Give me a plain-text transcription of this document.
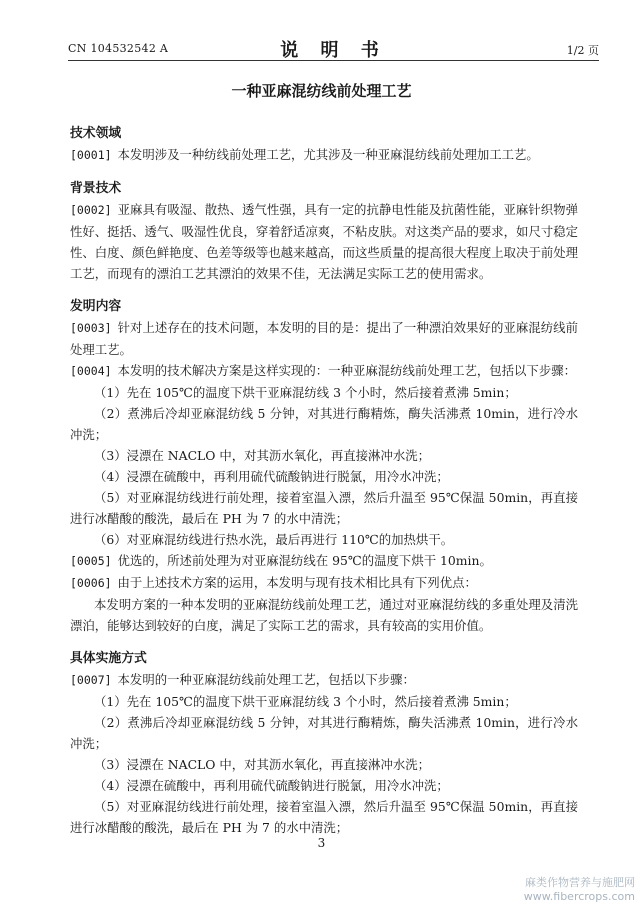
CN 104532542 A	说 明 书	1/2 页
一种亚麻混纺线前处理工艺
技术领域
[0001] 本发明涉及一种纺线前处理工艺，尤其涉及一种亚麻混纺线前处理加工工艺。
背景技术
[0002] 亚麻具有吸湿、散热、透气性强，具有一定的抗静电性能及抗菌性能，亚麻针织物弹性好、挺括、透气、吸湿性优良，穿着舒适凉爽，不粘皮肤。对这类产品的要求，如尺寸稳定性、白度、颜色鲜艳度、色差等级等也越来越高，而这些质量的提高很大程度上取决于前处理工艺，而现有的漂泊工艺其漂泊的效果不佳，无法满足实际工艺的使用需求。
发明内容
[0003] 针对上述存在的技术问题，本发明的目的是：提出了一种漂泊效果好的亚麻混纺线前处理工艺。
[0004] 本发明的技术解决方案是这样实现的：一种亚麻混纺线前处理工艺，包括以下步骤：
（1）先在 105℃的温度下烘干亚麻混纺线 3 个小时，然后接着煮沸 5min；
（2）煮沸后冷却亚麻混纺线 5 分钟，对其进行酶精炼，酶失活沸煮 10min，进行冷水冲洗；
（3）浸漂在 NACLO 中，对其沥水氧化，再直接淋冲水洗；
（4）浸漂在硫酸中，再利用硫代硫酸钠进行脱氯，用冷水冲洗；
（5）对亚麻混纺线进行前处理，接着室温入漂，然后升温至 95℃保温 50min，再直接进行冰醋酸的酸洗，最后在 PH 为 7 的水中清洗；
（6）对亚麻混纺线进行热水洗，最后再进行 110℃的加热烘干。
[0005] 优选的，所述前处理为对亚麻混纺线在 95℃的温度下烘干 10min。
[0006] 由于上述技术方案的运用，本发明与现有技术相比具有下列优点：
本发明方案的一种本发明的亚麻混纺线前处理工艺，通过对亚麻混纺线的多重处理及清洗漂泊，能够达到较好的白度，满足了实际工艺的需求，具有较高的实用价值。
具体实施方式
[0007] 本发明的一种亚麻混纺线前处理工艺，包括以下步骤：
（1）先在 105℃的温度下烘干亚麻混纺线 3 个小时，然后接着煮沸 5min；
（2）煮沸后冷却亚麻混纺线 5 分钟，对其进行酶精炼，酶失活沸煮 10min，进行冷水冲洗；
（3）浸漂在 NACLO 中，对其沥水氧化，再直接淋冲水洗；
（4）浸漂在硫酸中，再利用硫代硫酸钠进行脱氯，用冷水冲洗；
（5）对亚麻混纺线进行前处理，接着室温入漂，然后升温至 95℃保温 50min，再直接进行冰醋酸的酸洗，最后在 PH 为 7 的水中清洗；
3
麻类作物营养与施肥网
www.fibercrops.com
